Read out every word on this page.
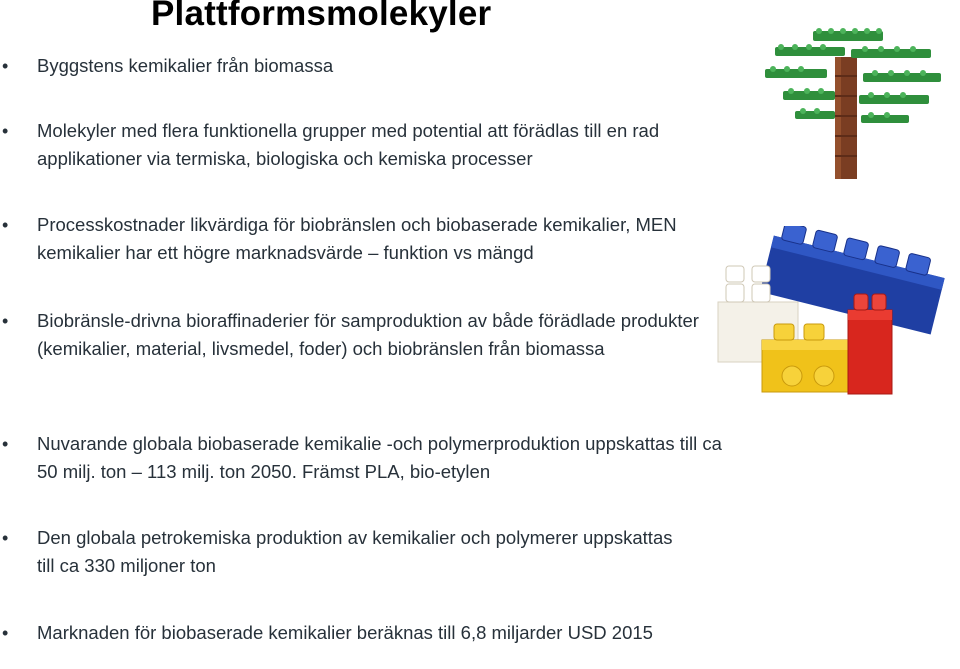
Plattformsmolekyler
• Byggstens kemikalier från biomassa
• Molekyler med flera funktionella grupper med potential att förädlas till en rad applikationer via termiska, biologiska och kemiska processer
• Processkostnader likvärdiga för biobränslen och biobaserade kemikalier, MEN kemikalier har ett högre marknadsvärde – funktion vs mängd
• Biobränsle-drivna bioraffinaderier för samproduktion av både förädlade produkter (kemikalier, material, livsmedel, foder) och biobränslen från biomassa
• Nuvarande globala biobaserade kemikalie -och polymerproduktion uppskattas till ca 50 milj. ton – 113 milj. ton 2050. Främst PLA, bio-etylen
• Den globala petrokemiska produktion av kemikalier och polymerer uppskattas till ca 330 miljoner ton
• Marknaden för biobaserade kemikalier beräknas till 6,8 miljarder USD 2015
